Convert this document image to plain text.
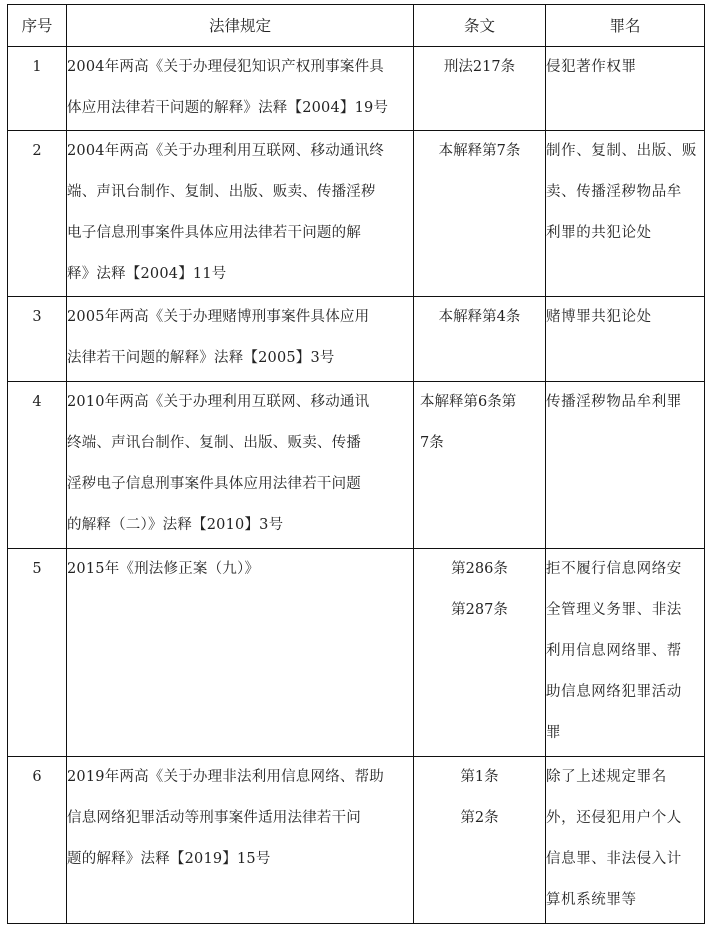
序号	法律规定	条文	罪名
1	2004年两高《关于办理侵犯知识产权刑事案件具
体应用法律若干问题的解释》法释【2004】19号	刑法217条	侵犯著作权罪

2	2004年两高《关于办理利用互联网、移动通讯终
端、声讯台制作、复制、出版、贩卖、传播淫秽
电子信息刑事案件具体应用法律若干问题的解
释》法释【2004】11号	本解释第7条	制作、复制、出版、贩
卖、传播淫秽物品牟
利罪的共犯论处

3	2005年两高《关于办理赌博刑事案件具体应用
法律若干问题的解释》法释【2005】3号	本解释第4条	赌博罪共犯论处

4	2010年两高《关于办理利用互联网、移动通讯
终端、声讯台制作、复制、出版、贩卖、传播
淫秽电子信息刑事案件具体应用法律若干问题
的解释（二）》法释【2010】3号	本解释第6条第
7条	传播淫秽物品牟利罪

5	2015年《刑法修正案（九）》	第286条
第287条	拒不履行信息网络安
全管理义务罪、非法
利用信息网络罪、帮
助信息网络犯罪活动
罪

6	2019年两高《关于办理非法利用信息网络、帮助
信息网络犯罪活动等刑事案件适用法律若干问
题的解释》法释【2019】15号	第1条
第2条	除了上述规定罪名
外，还侵犯用户个人
信息罪、非法侵入计
算机系统罪等
